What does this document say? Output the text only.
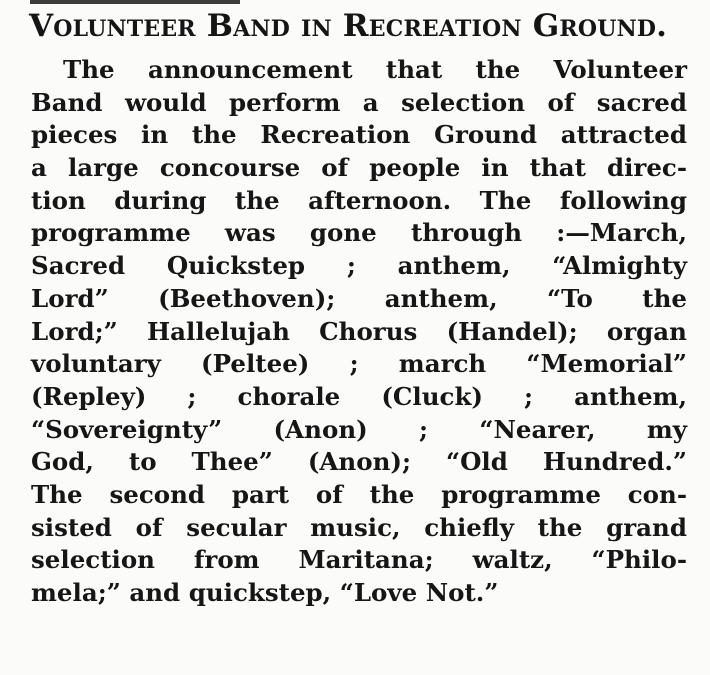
Volunteer Band in Recreation Ground.
The announcement that the Volunteer
Band would perform a selection of sacred
pieces in the Recreation Ground attracted
a large concourse of people in that direc-
tion during the afternoon. The following
programme was gone through :—March,
Sacred Quickstep ; anthem, “Almighty
Lord” (Beethoven); anthem, “To the
Lord;” Hallelujah Chorus (Handel); organ
voluntary (Peltee) ; march “Memorial”
(Repley) ; chorale (Cluck) ; anthem,
“Sovereignty” (Anon) ; “Nearer, my
God, to Thee” (Anon); “Old Hundred.”
The second part of the programme con-
sisted of secular music, chiefly the grand
selection from Maritana; waltz, “Philo-
mela;” and quickstep, “Love Not.”
